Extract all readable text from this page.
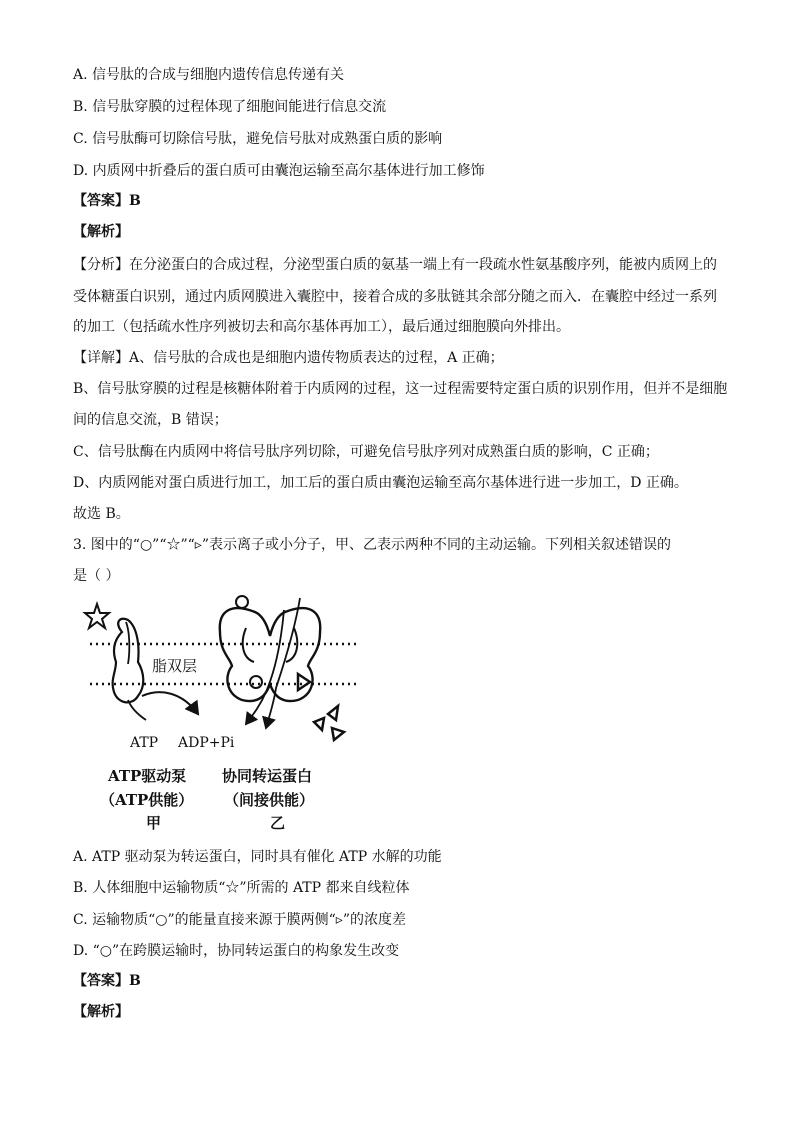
A. 信号肽的合成与细胞内遗传信息传递有关
B. 信号肽穿膜的过程体现了细胞间能进行信息交流
C. 信号肽酶可切除信号肽，避免信号肽对成熟蛋白质的影响
D. 内质网中折叠后的蛋白质可由囊泡运输至高尔基体进行加工修饰
【答案】B
【解析】
【分析】在分泌蛋白的合成过程，分泌型蛋白质的氨基一端上有一段疏水性氨基酸序列，能被内质网上的
受体糖蛋白识别，通过内质网膜进入囊腔中，接着合成的多肽链其余部分随之而入．在囊腔中经过一系列
的加工（包括疏水性序列被切去和高尔基体再加工），最后通过细胞膜向外排出。
【详解】A、信号肽的合成也是细胞内遗传物质表达的过程，A 正确；
B、信号肽穿膜的过程是核糖体附着于内质网的过程，这一过程需要特定蛋白质的识别作用，但并不是细胞
间的信息交流，B 错误；
C、信号肽酶在内质网中将信号肽序列切除，可避免信号肽序列对成熟蛋白质的影响，C 正确；
D、内质网能对蛋白质进行加工，加工后的蛋白质由囊泡运输至高尔基体进行进一步加工，D 正确。
故选 B。
3. 图中的“○”“☆”“▹”表示离子或小分子，甲、乙表示两种不同的主动运输。下列相关叙述错误的
是（ ）
脂双层
ATP ADP+Pi
ATP驱动泵
（ATP供能）
甲
协同转运蛋白
（间接供能）
乙
A. ATP 驱动泵为转运蛋白，同时具有催化 ATP 水解的功能
B. 人体细胞中运输物质“☆”所需的 ATP 都来自线粒体
C. 运输物质“○”的能量直接来源于膜两侧“▹”的浓度差
D. “○”在跨膜运输时，协同转运蛋白的构象发生改变
【答案】B
【解析】
